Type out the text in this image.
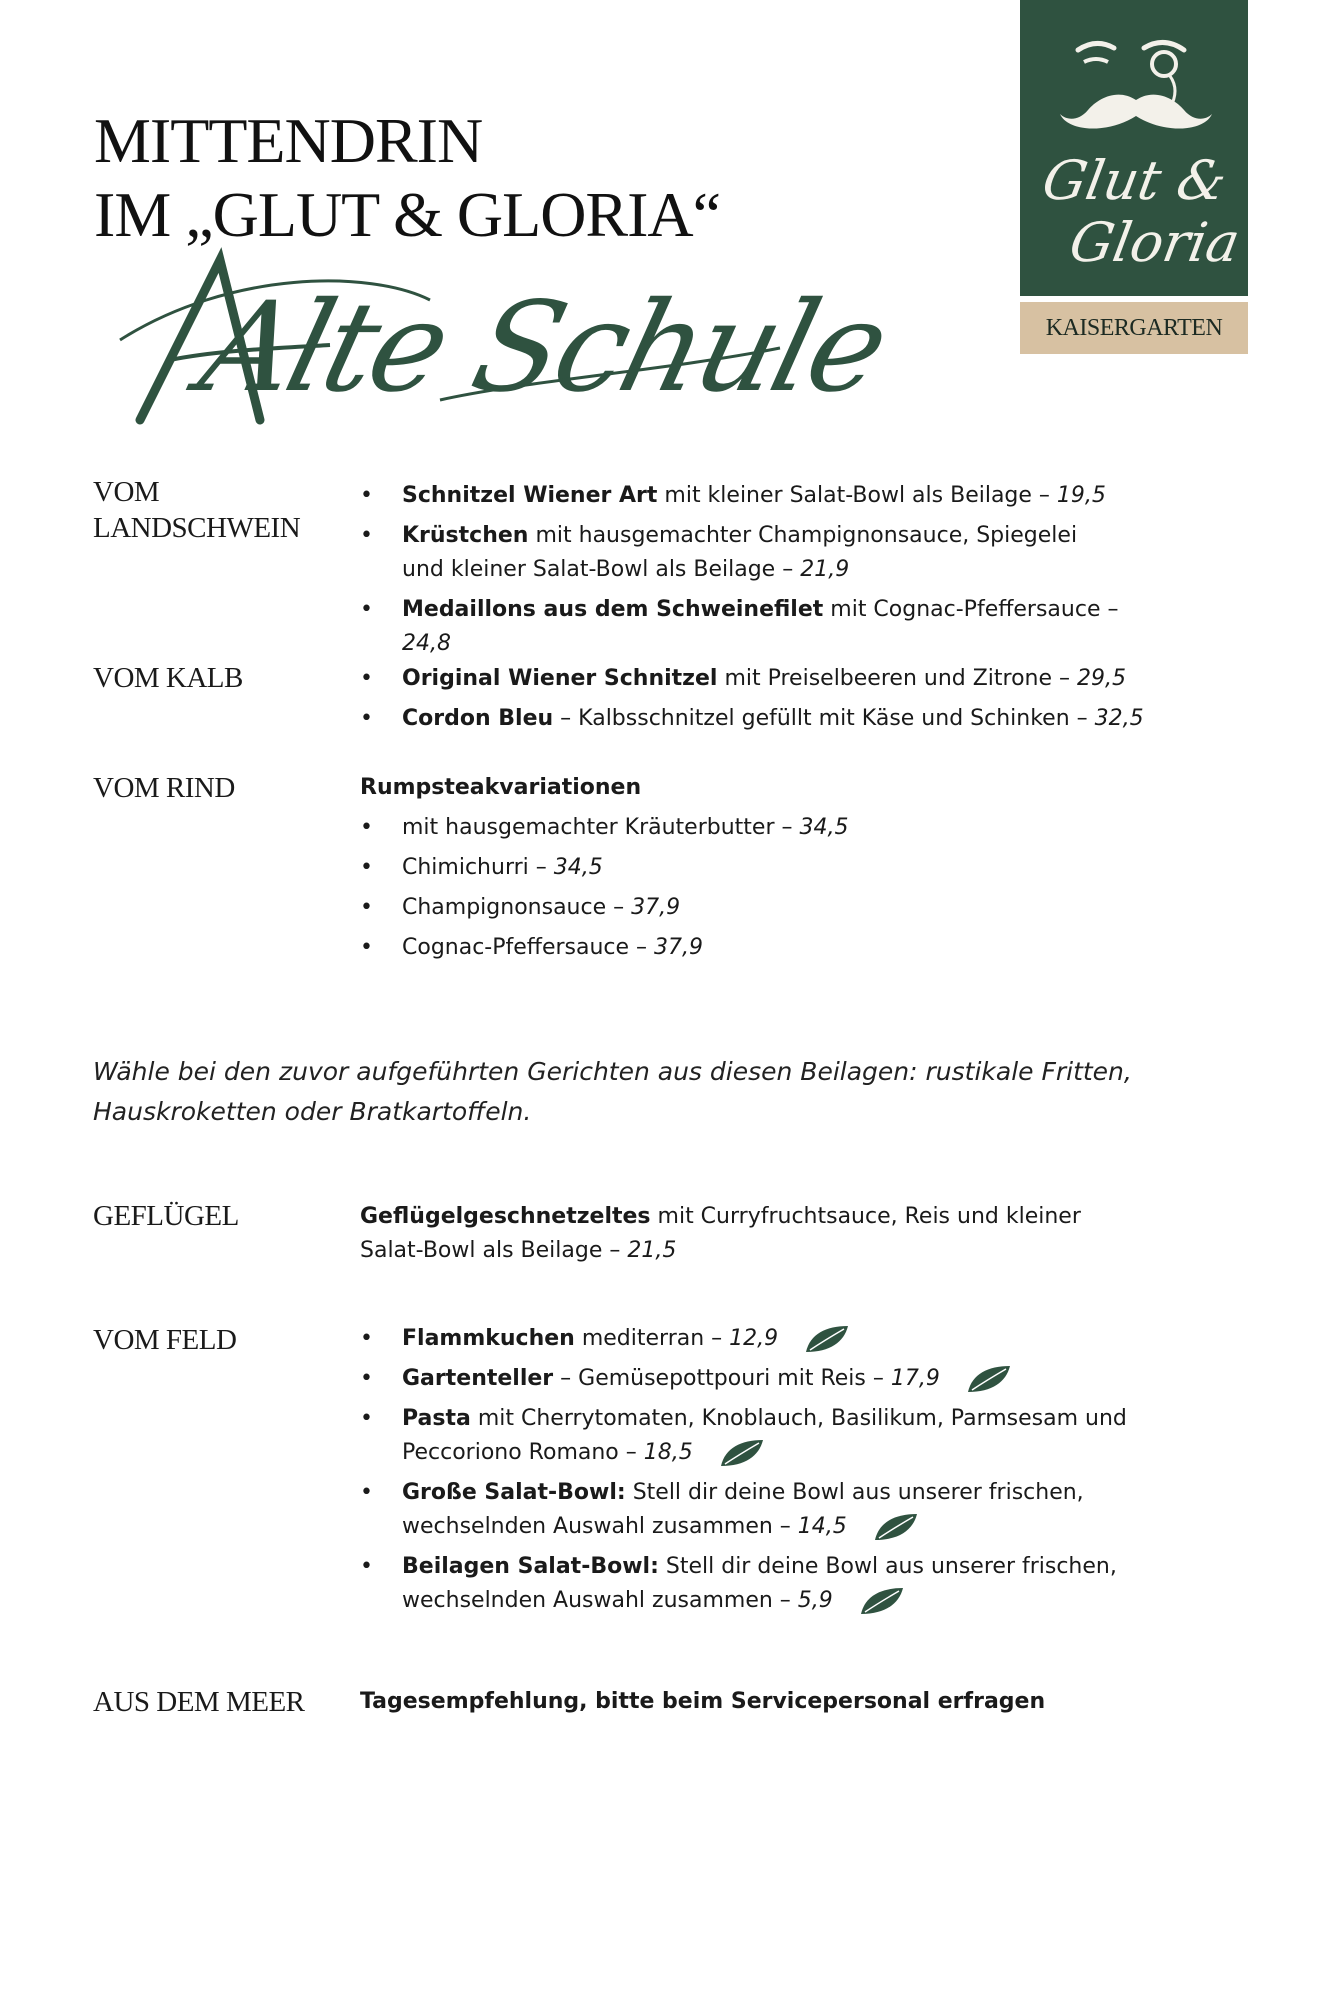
MITTENDRIN
IM „GLUT & GLORIA“
Alte Schule
Glut &
Gloria
KAISERGARTEN
VOM
LANDSCHWEIN
• Schnitzel Wiener Art mit kleiner Salat-Bowl als Beilage – 19,5
• Krüstchen mit hausgemachter Champignonsauce, Spiegelei und kleiner Salat-Bowl als Beilage – 21,9
• Medaillons aus dem Schweinefilet mit Cognac-Pfeffersauce – 24,8
VOM KALB	• Original Wiener Schnitzel mit Preiselbeeren und Zitrone – 29,5
• Cordon Bleu – Kalbsschnitzel gefüllt mit Käse und Schinken – 32,5
VOM RIND	Rumpsteakvariationen
• mit hausgemachter Kräuterbutter – 34,5
• Chimichurri – 34,5
• Champignonsauce – 37,9
• Cognac-Pfeffersauce – 37,9
Wähle bei den zuvor aufgeführten Gerichten aus diesen Beilagen: rustikale Fritten, Hauskroketten oder Bratkartoffeln.
GEFLÜGEL	Geflügelgeschnetzeltes mit Curryfruchtsauce, Reis und kleiner Salat-Bowl als Beilage – 21,5
VOM FELD	• Flammkuchen mediterran – 12,9
• Gartenteller – Gemüsepottpouri mit Reis – 17,9
• Pasta mit Cherrytomaten, Knoblauch, Basilikum, Parmsesam und Peccoriono Romano – 18,5
• Große Salat-Bowl: Stell dir deine Bowl aus unserer frischen, wechselnden Auswahl zusammen – 14,5
• Beilagen Salat-Bowl: Stell dir deine Bowl aus unserer frischen, wechselnden Auswahl zusammen – 5,9
AUS DEM MEER	Tagesempfehlung, bitte beim Servicepersonal erfragen
